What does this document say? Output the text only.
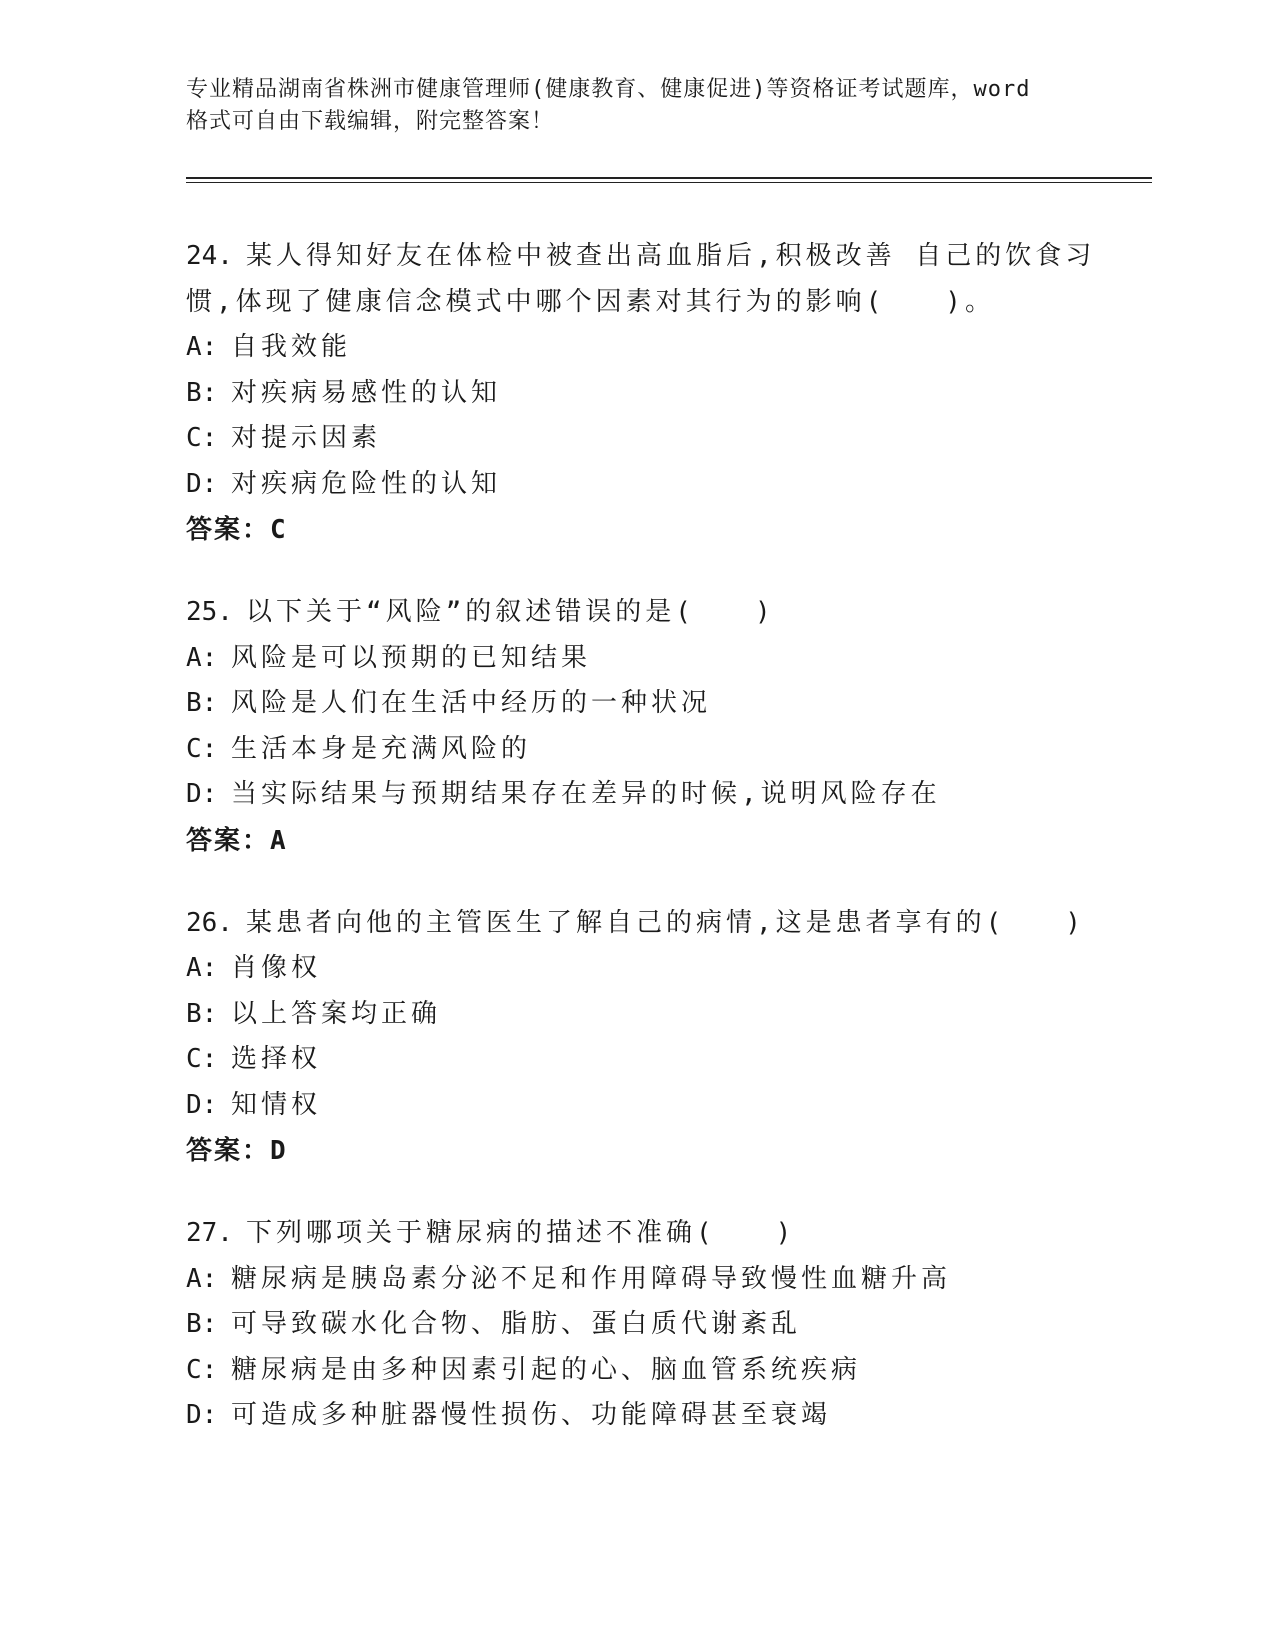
专业精品湖南省株洲市健康管理师(健康教育、健康促进)等资格证考试题库，word
格式可自由下载编辑，附完整答案！
24. 某人得知好友在体检中被查出高血脂后,积极改善 自己的饮食习
惯,体现了健康信念模式中哪个因素对其行为的影响(　　)。
A: 自我效能
B: 对疾病易感性的认知
C: 对提示因素
D: 对疾病危险性的认知
答案：C
25. 以下关于“风险”的叙述错误的是(　　)
A: 风险是可以预期的已知结果
B: 风险是人们在生活中经历的一种状况
C: 生活本身是充满风险的
D: 当实际结果与预期结果存在差异的时候,说明风险存在
答案：A
26. 某患者向他的主管医生了解自己的病情,这是患者享有的(　　)
A: 肖像权
B: 以上答案均正确
C: 选择权
D: 知情权
答案：D
27. 下列哪项关于糖尿病的描述不准确(　　)
A: 糖尿病是胰岛素分泌不足和作用障碍导致慢性血糖升高
B: 可导致碳水化合物、脂肪、蛋白质代谢紊乱
C: 糖尿病是由多种因素引起的心、脑血管系统疾病
D: 可造成多种脏器慢性损伤、功能障碍甚至衰竭
